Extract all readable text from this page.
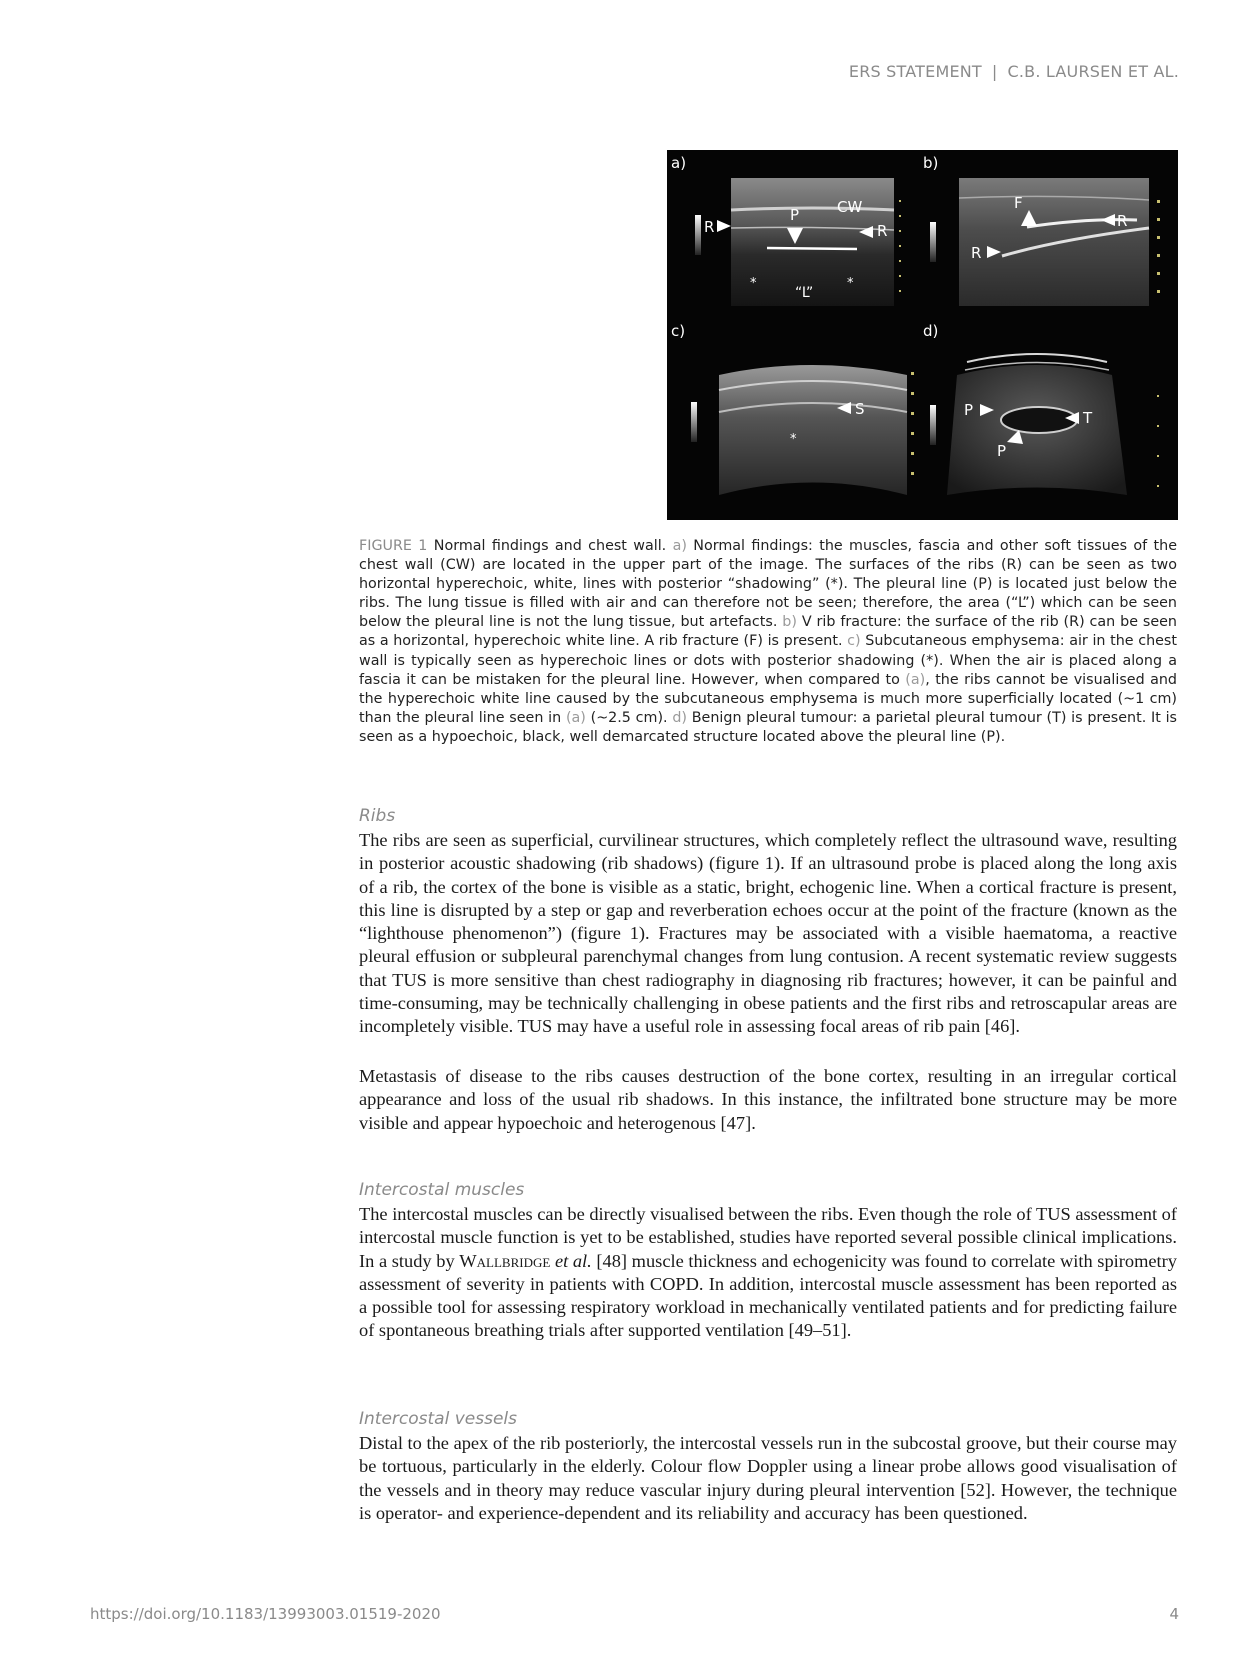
ERS STATEMENT | C.B. LAURSEN ET AL.
a)
R
P	CW
R
*
“L”
*
b)
F
R
R
c)
S
*
d)
P	T
P

FIGURE 1 Normal findings and chest wall. a) Normal findings: the muscles, fascia and other soft tissues of the chest wall (CW) are located in the upper part of the image. The surfaces of the ribs (R) can be seen as two horizontal hyperechoic, white, lines with posterior “shadowing” (*). The pleural line (P) is located just below the ribs. The lung tissue is filled with air and can therefore not be seen; therefore, the area (“L”) which can be seen below the pleural line is not the lung tissue, but artefacts. b) V rib fracture: the surface of the rib (R) can be seen as a horizontal, hyperechoic white line. A rib fracture (F) is present. c) Subcutaneous emphysema: air in the chest wall is typically seen as hyperechoic lines or dots with posterior shadowing (*). When the air is placed along a fascia it can be mistaken for the pleural line. However, when compared to (a), the ribs cannot be visualised and the hyperechoic white line caused by the subcutaneous emphysema is much more superficially located (~1 cm) than the pleural line seen in (a) (~2.5 cm). d) Benign pleural tumour: a parietal pleural tumour (T) is present. It is seen as a hypoechoic, black, well demarcated structure located above the pleural line (P).

Ribs

The ribs are seen as superficial, curvilinear structures, which completely reflect the ultrasound wave, resulting in posterior acoustic shadowing (rib shadows) (figure 1). If an ultrasound probe is placed along the long axis of a rib, the cortex of the bone is visible as a static, bright, echogenic line. When a cortical fracture is present, this line is disrupted by a step or gap and reverberation echoes occur at the point of the fracture (known as the “lighthouse phenomenon”) (figure 1). Fractures may be associated with a visible haematoma, a reactive pleural effusion or subpleural parenchymal changes from lung contusion. A recent systematic review suggests that TUS is more sensitive than chest radiography in diagnosing rib fractures; however, it can be painful and time-consuming, may be technically challenging in obese patients and the first ribs and retroscapular areas are incompletely visible. TUS may have a useful role in assessing focal areas of rib pain [46].

Metastasis of disease to the ribs causes destruction of the bone cortex, resulting in an irregular cortical appearance and loss of the usual rib shadows. In this instance, the infiltrated bone structure may be more visible and appear hypoechoic and heterogenous [47].

Intercostal muscles

The intercostal muscles can be directly visualised between the ribs. Even though the role of TUS assessment of intercostal muscle function is yet to be established, studies have reported several possible clinical implications. In a study by Wallbridge et al. [48] muscle thickness and echogenicity was found to correlate with spirometry assessment of severity in patients with COPD. In addition, intercostal muscle assessment has been reported as a possible tool for assessing respiratory workload in mechanically ventilated patients and for predicting failure of spontaneous breathing trials after supported ventilation [49–51].

Intercostal vessels

Distal to the apex of the rib posteriorly, the intercostal vessels run in the subcostal groove, but their course may be tortuous, particularly in the elderly. Colour flow Doppler using a linear probe allows good visualisation of the vessels and in theory may reduce vascular injury during pleural intervention [52]. However, the technique is operator- and experience-dependent and its reliability and accuracy has been questioned.

https://doi.org/10.1183/13993003.01519-2020	4
